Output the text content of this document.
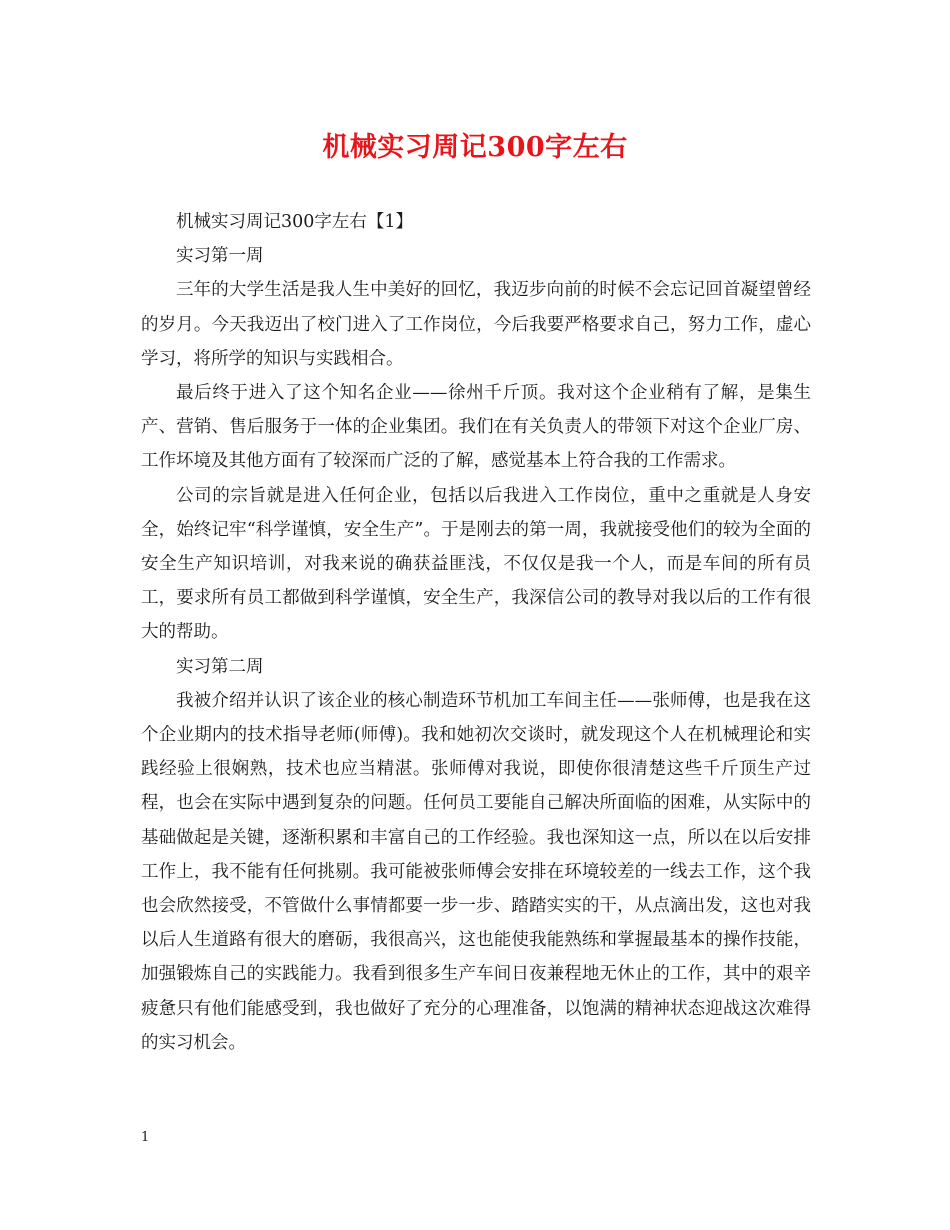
机械实习周记300字左右

机械实习周记300字左右【1】

实习第一周

三年的大学生活是我人生中美好的回忆，我迈步向前的时候不会忘记回首凝望曾经的岁月。今天我迈出了校门进入了工作岗位，今后我要严格要求自己，努力工作，虚心学习，将所学的知识与实践相合。

最后终于进入了这个知名企业——徐州千斤顶。我对这个企业稍有了解，是集生产、营销、售后服务于一体的企业集团。我们在有关负责人的带领下对这个企业厂房、工作坏境及其他方面有了较深而广泛的了解，感觉基本上符合我的工作需求。

公司的宗旨就是进入任何企业，包括以后我进入工作岗位，重中之重就是人身安全，始终记牢“科学谨慎，安全生产”。于是刚去的第一周，我就接受他们的较为全面的安全生产知识培训，对我来说的确获益匪浅，不仅仅是我一个人，而是车间的所有员工，要求所有员工都做到科学谨慎，安全生产，我深信公司的教导对我以后的工作有很大的帮助。

实习第二周

我被介绍并认识了该企业的核心制造环节机加工车间主任——张师傅，也是我在这个企业期内的技术指导老师(师傅)。我和她初次交谈时，就发现这个人在机械理论和实践经验上很娴熟，技术也应当精湛。张师傅对我说，即使你很清楚这些千斤顶生产过程，也会在实际中遇到复杂的问题。任何员工要能自己解决所面临的困难，从实际中的基础做起是关键，逐渐积累和丰富自己的工作经验。我也深知这一点，所以在以后安排工作上，我不能有任何挑剔。我可能被张师傅会安排在环境较差的一线去工作，这个我也会欣然接受，不管做什么事情都要一步一步、踏踏实实的干，从点滴出发，这也对我以后人生道路有很大的磨砺，我很高兴，这也能使我能熟练和掌握最基本的操作技能，加强锻炼自己的实践能力。我看到很多生产车间日夜兼程地无休止的工作，其中的艰辛疲惫只有他们能感受到，我也做好了充分的心理准备，以饱满的精神状态迎战这次难得的实习机会。

1
